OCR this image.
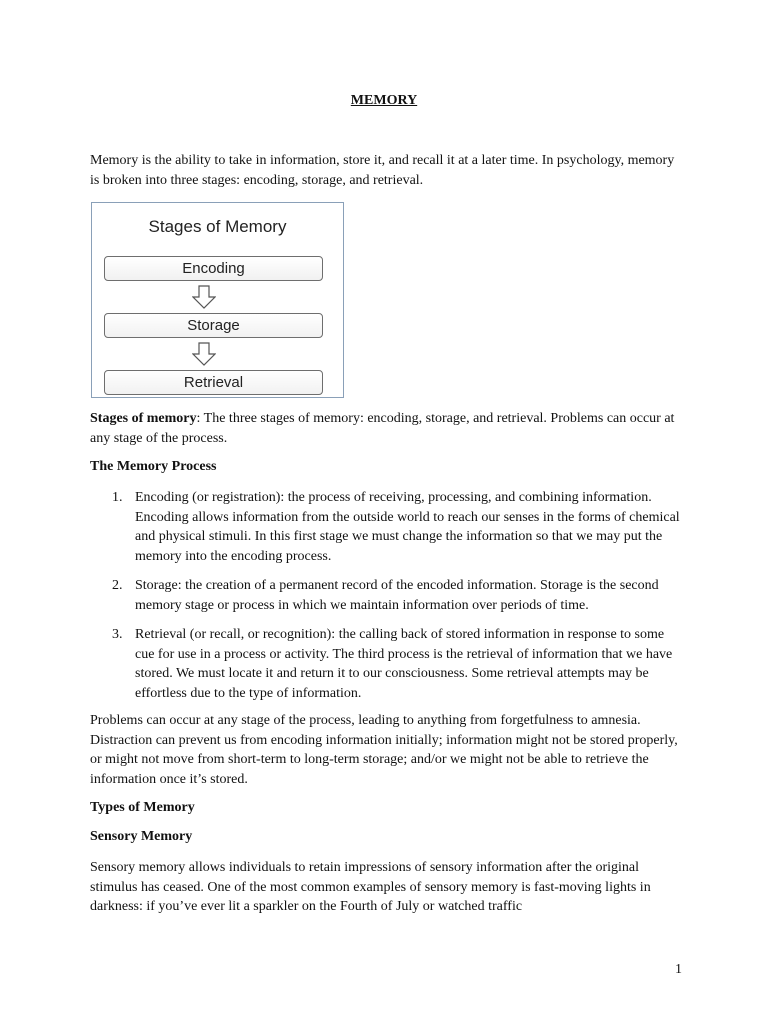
MEMORY

Memory is the ability to take in information, store it, and recall it at a later time. In psychology, memory is broken into three stages: encoding, storage, and retrieval.

Stages of Memory
Encoding
Storage
Retrieval

Stages of memory: The three stages of memory: encoding, storage, and retrieval. Problems can occur at any stage of the process.

The Memory Process

1. Encoding (or registration): the process of receiving, processing, and combining information. Encoding allows information from the outside world to reach our senses in the forms of chemical and physical stimuli. In this first stage we must change the information so that we may put the memory into the encoding process.
2. Storage: the creation of a permanent record of the encoded information. Storage is the second memory stage or process in which we maintain information over periods of time.
3. Retrieval (or recall, or recognition): the calling back of stored information in response to some cue for use in a process or activity. The third process is the retrieval of information that we have stored. We must locate it and return it to our consciousness. Some retrieval attempts may be effortless due to the type of information.

Problems can occur at any stage of the process, leading to anything from forgetfulness to amnesia. Distraction can prevent us from encoding information initially; information might not be stored properly, or might not move from short-term to long-term storage; and/or we might not be able to retrieve the information once it’s stored.

Types of Memory

Sensory Memory

Sensory memory allows individuals to retain impressions of sensory information after the original stimulus has ceased. One of the most common examples of sensory memory is fast-moving lights in darkness: if you’ve ever lit a sparkler on the Fourth of July or watched traffic

1
